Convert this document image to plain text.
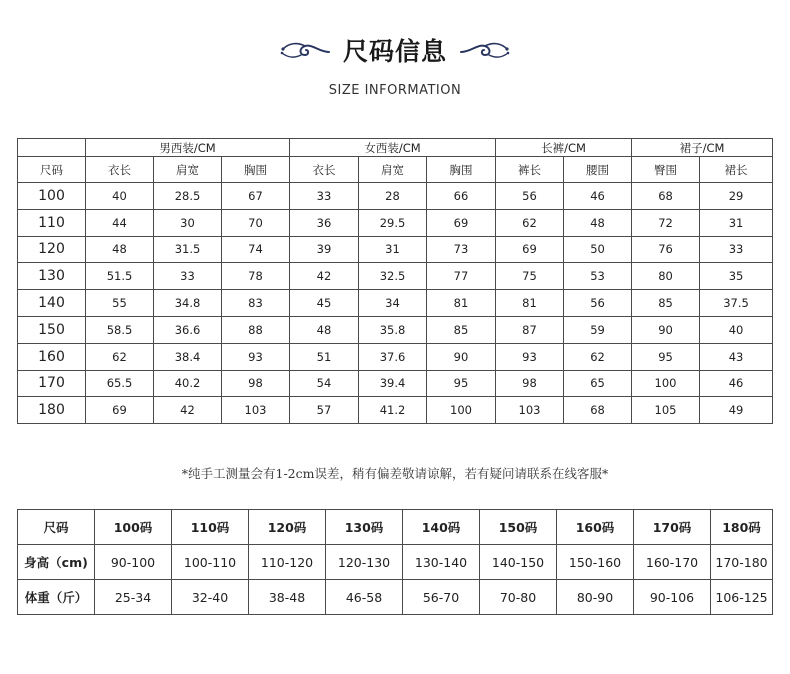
尺码信息
SIZE INFORMATION
	男西装/CM			女西装/CM			长裤/CM		裙子/CM	
尺码	衣长	肩宽	胸围	衣长	肩宽	胸围	裤长	腰围	臀围	裙长
100	40	28.5	67	33	28	66	56	46	68	29
110	44	30	70	36	29.5	69	62	48	72	31
120	48	31.5	74	39	31	73	69	50	76	33
130	51.5	33	78	42	32.5	77	75	53	80	35
140	55	34.8	83	45	34	81	81	56	85	37.5
150	58.5	36.6	88	48	35.8	85	87	59	90	40
160	62	38.4	93	51	37.6	90	93	62	95	43
170	65.5	40.2	98	54	39.4	95	98	65	100	46
180	69	42	103	57	41.2	100	103	68	105	49
*纯手工测量会有1-2cm误差，稍有偏差敬请谅解，若有疑问请联系在线客服*
尺码	100码	110码	120码	130码	140码	150码	160码	170码	180码
身高（cm)	90-100	100-110	110-120	120-130	130-140	140-150	150-160	160-170	170-180
体重（斤）	25-34	32-40	38-48	46-58	56-70	70-80	80-90	90-106	106-125
